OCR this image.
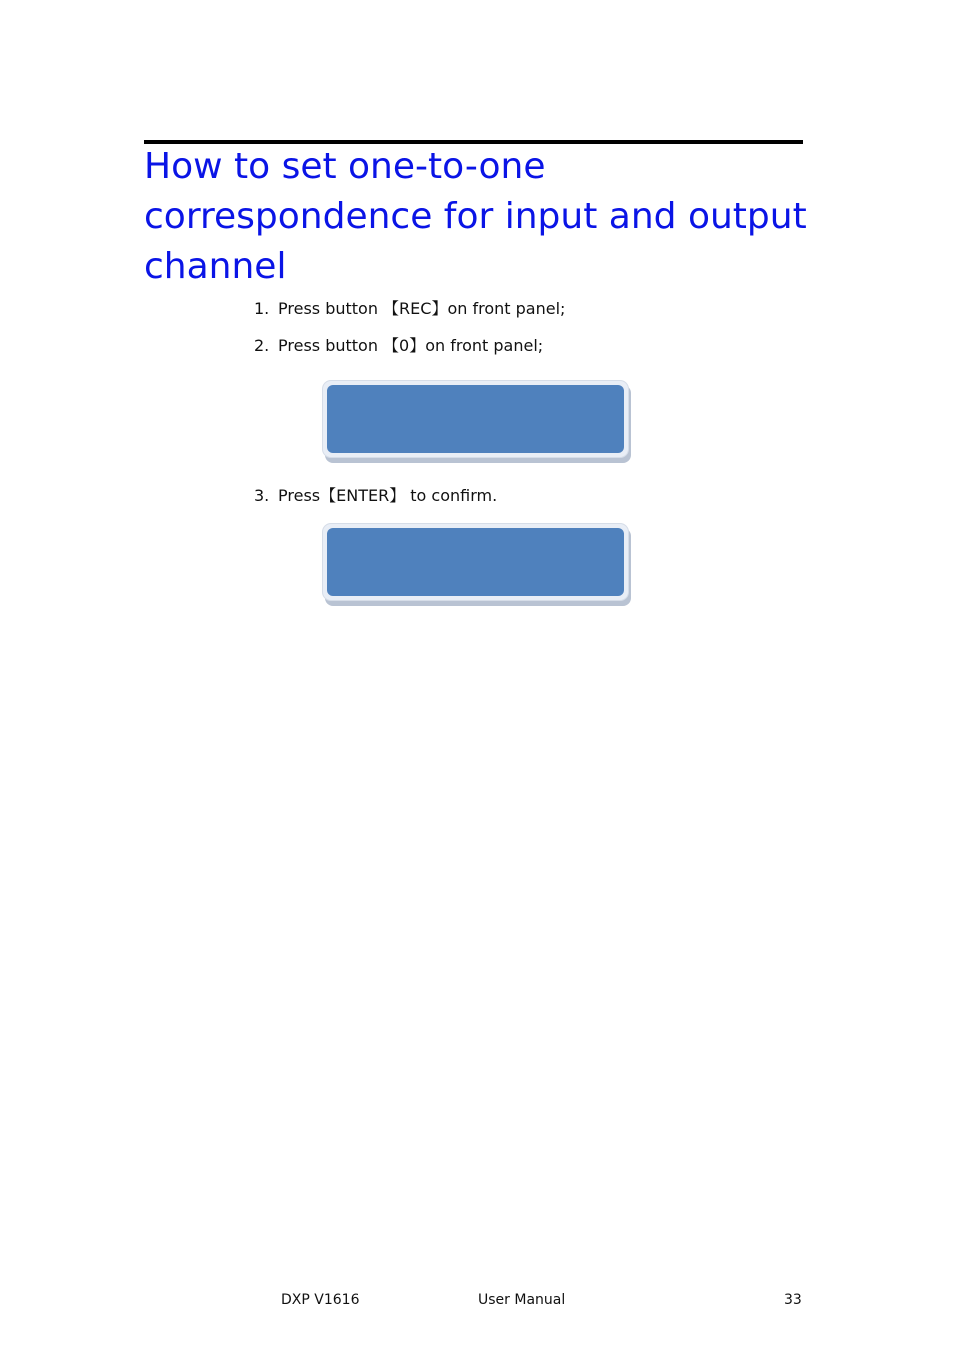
How to set one-to-one correspondence for input and output channel
1. Press button 【REC】on front panel;
2. Press button 【0】on front panel;
3. Press【ENTER】 to confirm.
DXP V1616	User Manual	33
